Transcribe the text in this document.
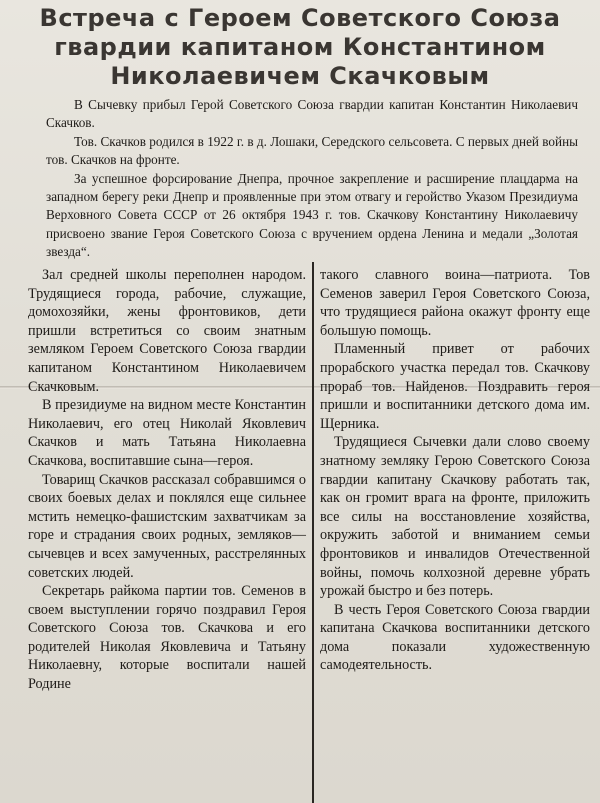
Встреча с Героем Советского Союза
гвардии капитаном Константином
Николаевичем Скачковым

В Сычевку прибыл Герой Советского Союза гвардии капитан Константин Николаевич Скачков.

Тов. Скачков родился в 1922 г. в д. Лошаки, Середского сельсовета. С первых дней войны тов. Скачков на фронте.

За успешное форсирование Днепра, прочное закрепление и расширение плацдарма на западном берегу реки Днепр и проявленные при этом отвагу и геройство Указом Президиума Верховного Совета СССР от 26 октября 1943 г. тов. Скачкову Константину Николаевичу присвоено звание Героя Советского Союза с вручением ордена Ленина и медали „Золотая звезда“.

Зал средней школы переполнен народом. Трудящиеся города, рабочие, служащие, домохозяйки, жены фронтовиков, дети пришли встретиться со своим знатным земляком Героем Советского Союза гвардии капитаном Константином Николаевичем Скачковым.

В президиуме на видном месте Константин Николаевич, его отец Николай Яковлевич Скачков и мать Татьяна Николаевна Скачкова, воспитавшие сына—героя.

Товарищ Скачков рассказал собравшимся о своих боевых делах и поклялся еще сильнее мстить немецко-фашистским захватчикам за горе и страдания своих родных, земляков—сычевцев и всех замученных, расстрелянных советских людей.

Секретарь райкома партии тов. Семенов в своем выступлении горячо поздравил Героя Советского Союза тов. Скачкова и его родителей Николая Яковлевича и Татьяну Николаевну, которые воспитали нашей Родине

такого славного воина—патриота. Тов Семенов заверил Героя Советского Союза, что трудящиеся района окажут фронту еще большую помощь.

Пламенный привет от рабочих прорабского участка передал тов. Скачкову прораб тов. Найденов. Поздравить героя пришли и воспитанники детского дома им. Щерника.

Трудящиеся Сычевки дали слово своему знатному земляку Герою Советского Союза гвардии капитану Скачкову работать так, как он громит врага на фронте, приложить все силы на восстановление хозяйства, окружить заботой и вниманием семьи фронтовиков и инвалидов Отечественной войны, помочь колхозной деревне убрать урожай быстро и без потерь.

В честь Героя Советского Союза гвардии капитана Скачкова воспитанники детского дома показали художественную самодеятельность.
